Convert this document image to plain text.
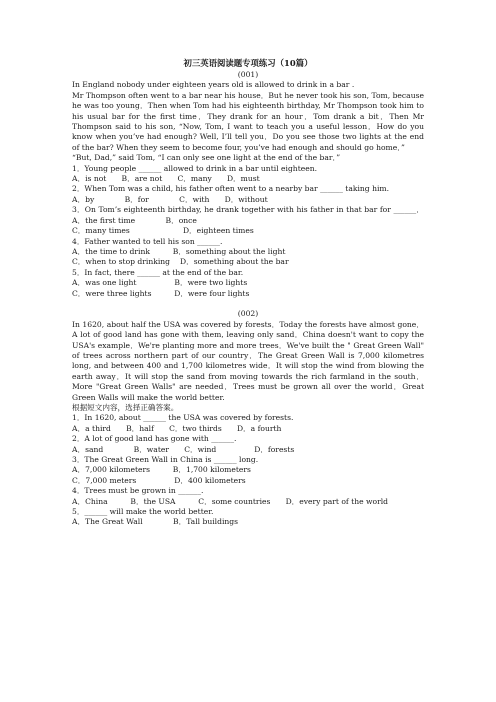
初三英语阅读题专项练习（10篇）
(001)
In England nobody under eighteen years old is allowed to drink in a bar .
Mr Thompson often went to a bar near his house．But he never took his son, Tom, because he was too young．Then when Tom had his eighteenth birthday, Mr Thompson took him to his usual bar for the first time．They drank for an hour．Tom drank a bit．Then Mr Thompson said to his son, “Now, Tom, I want to teach you a useful lesson．How do you know when you’ve had enough? Well, I’ll tell you．Do you see those two lights at the end of the bar? When they seem to become four, you’ve had enough and should go home．”
“But, Dad,” said Tom, “I can only see one light at the end of the bar．”
1．Young people ______ allowed to drink in a bar until eighteen.
A．is not　　B．are not　　C．many　　D．must
2．When Tom was a child, his father often went to a nearby bar ______ taking him.
A．by　　　　B．for　　　　C．with　　D．without
3．On Tom’s eighteenth birthday, he drank together with his father in that bar for ______．A．the first time　　　　B．once
C．many times　　　　　　　D．eighteen times
4．Father wanted to tell his son ______.
A．the time to drink　　　B．something about the light
C．when to stop drinking　 D．something about the bar
5．In fact, there ______ at the end of the bar.
A．was one light　　　　　B．were two lights
C．were three lights　　　D．were four lights
(002)
In 1620, about half the USA was covered by forests．Today the forests have almost gone．A lot of good land has gone with them, leaving only sand．China doesn't want to copy the USA's example．We're planting more and more trees．We've built the " Great Green Wall" of trees across northern part of our country．The Great Green Wall is 7,000 kilometres long, and between 400 and 1,700 kilometres wide．It will stop the wind from blowing the earth away．It will stop the sand from moving towards the rich farmland in the south．More "Great Green Walls" are needed．Trees must be grown all over the world．Great Green Walls will make the world better.
根据短文内容，选择正确答案。
1．In 1620, about ______ the USA was covered by forests.
A．a third　　B．half　　C．two thirds　　D．a fourth
2．A lot of good land has gone with ______.
A．sand　　　　B．water　　C．wind　　　　　D．forests
3．The Great Green Wall in China is ______ long.
A．7,000 kilometers　　　B．1,700 kilometers
C．7,000 meters　　　　　D．400 kilometers
4．Trees must be grown in ______.
A．China　　　B．the USA　　　C．some countries　　D．every part of the world
5．______ will make the world better.
A．The Great Wall　　　　B．Tall buildings
